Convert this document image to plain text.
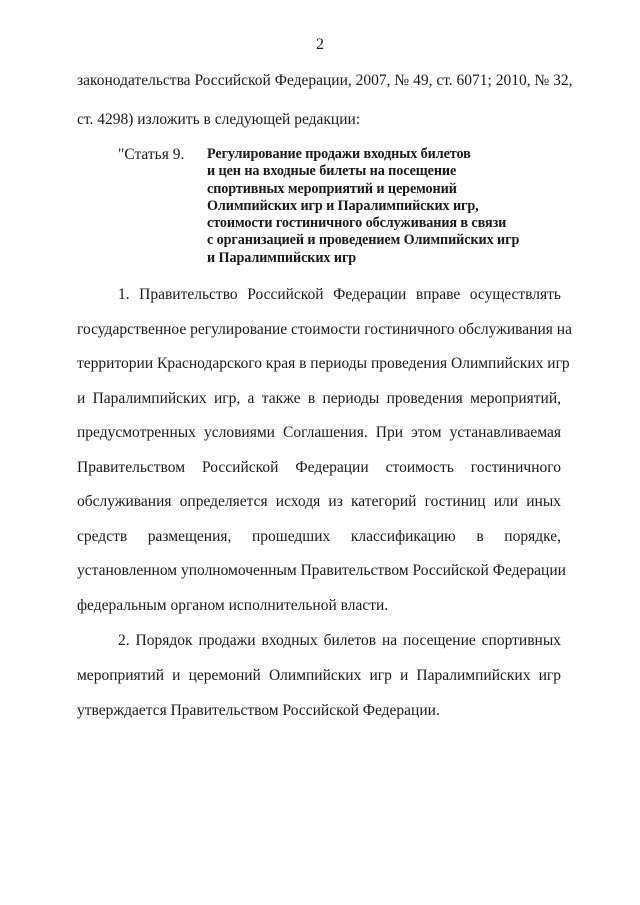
2
законодательства Российской Федерации, 2007, № 49, ст. 6071; 2010, № 32,
ст. 4298) изложить в следующей редакции:
"Статья 9. Регулирование продажи входных билетов
и цен на входные билеты на посещение
спортивных мероприятий и церемоний
Олимпийских игр и Паралимпийских игр,
стоимости гостиничного обслуживания в связи
с организацией и проведением Олимпийских игр
и Паралимпийских игр
1. Правительство Российской Федерации вправе осуществлять
государственное регулирование стоимости гостиничного обслуживания на
территории Краснодарского края в периоды проведения Олимпийских игр
и Паралимпийских игр, а также в периоды проведения мероприятий,
предусмотренных условиями Соглашения. При этом устанавливаемая
Правительством Российской Федерации стоимость гостиничного
обслуживания определяется исходя из категорий гостиниц или иных
средств размещения, прошедших классификацию в порядке,
установленном уполномоченным Правительством Российской Федерации
федеральным органом исполнительной власти.
2. Порядок продажи входных билетов на посещение спортивных
мероприятий и церемоний Олимпийских игр и Паралимпийских игр
утверждается Правительством Российской Федерации.
